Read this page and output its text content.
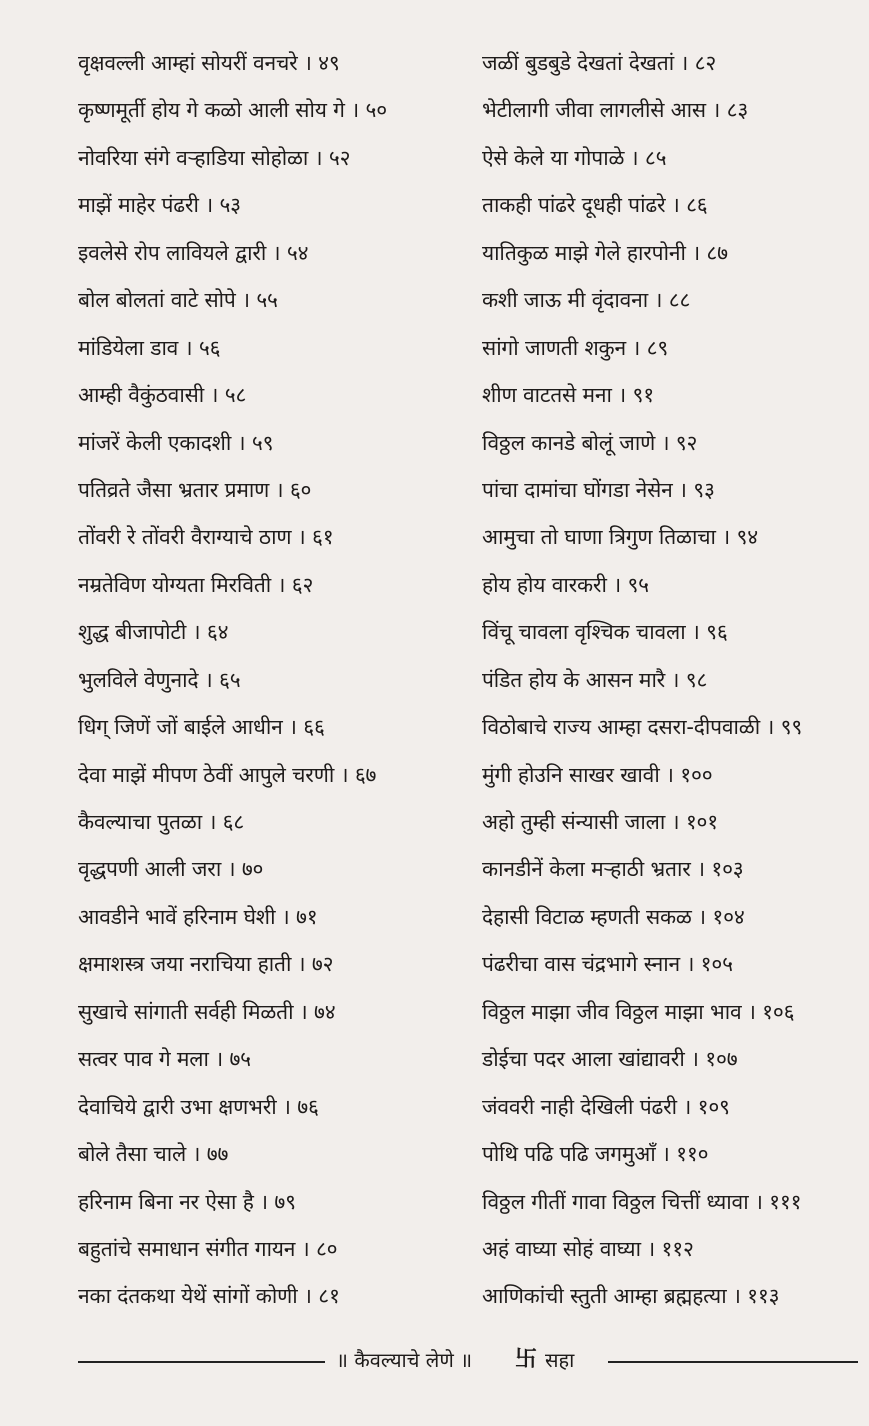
वृक्षवल्ली आम्हां सोयरीं वनचरे । ४९
कृष्णमूर्ती होय गे कळो आली सोय गे । ५०
नोवरिया संगे वऱ्हाडिया सोहोळा । ५२
माझें माहेर पंढरी । ५३
इवलेसे रोप लावियले द्वारी । ५४
बोल बोलतां वाटे सोपे । ५५
मांडियेला डाव । ५६
आम्ही वैकुंठवासी । ५८
मांजरें केली एकादशी । ५९
पतिव्रते जैसा भ्रतार प्रमाण । ६०
तोंवरी रे तोंवरी वैराग्याचे ठाण । ६१
नम्रतेविण योग्यता मिरविती । ६२
शुद्ध बीजापोटी । ६४
भुलविले वेणुनादे । ६५
धिग् जिणें जों बाईले आधीन । ६६
देवा माझें मीपण ठेवीं आपुले चरणी । ६७
कैवल्याचा पुतळा । ६८
वृद्धपणी आली जरा । ७०
आवडीने भावें हरिनाम घेशी । ७१
क्षमाशस्त्र जया नराचिया हाती । ७२
सुखाचे सांगाती सर्वही मिळती । ७४
सत्वर पाव गे मला । ७५
देवाचिये द्वारी उभा क्षणभरी । ७६
बोले तैसा चाले । ७७
हरिनाम बिना नर ऐसा है । ७९
बहुतांचे समाधान संगीत गायन । ८०
नका दंतकथा येथें सांगों कोणी । ८१
जळीं बुडबुडे देखतां देखतां । ८२
भेटीलागी जीवा लागलीसे आस । ८३
ऐसे केले या गोपाळे । ८५
ताकही पांढरे दूधही पांढरे । ८६
यातिकुळ माझे गेले हारपोनी । ८७
कशी जाऊ मी वृंदावना । ८८
सांगो जाणती शकुन । ८९
शीण वाटतसे मना । ९१
विठ्ठल कानडे बोलूं जाणे । ९२
पांचा दामांचा घोंगडा नेसेन । ९३
आमुचा तो घाणा त्रिगुण तिळाचा । ९४
होय होय वारकरी । ९५
विंचू चावला वृश्चिक चावला । ९६
पंडित होय के आसन मारै । ९८
विठोबाचे राज्य आम्हा दसरा-दीपवाळी । ९९
मुंगी होउनि साखर खावी । १००
अहो तुम्ही संन्यासी जाला । १०१
कानडीनें केला मऱ्हाठी भ्रतार । १०३
देहासी विटाळ म्हणती सकळ । १०४
पंढरीचा वास चंद्रभागे स्नान । १०५
विठ्ठल माझा जीव विठ्ठल माझा भाव । १०६
डोईचा पदर आला खांद्यावरी । १०७
जंववरी नाही देखिली पंढरी । १०९
पोथि पढि पढि जगमुआँ । ११०
विठ्ठल गीतीं गावा विठ्ठल चित्तीं ध्यावा । १११
अहं वाघ्या सोहं वाघ्या । ११२
आणिकांची स्तुती आम्हा ब्रह्महत्या । ११३
॥ कैवल्याचे लेणे ॥ 卐 सहा
